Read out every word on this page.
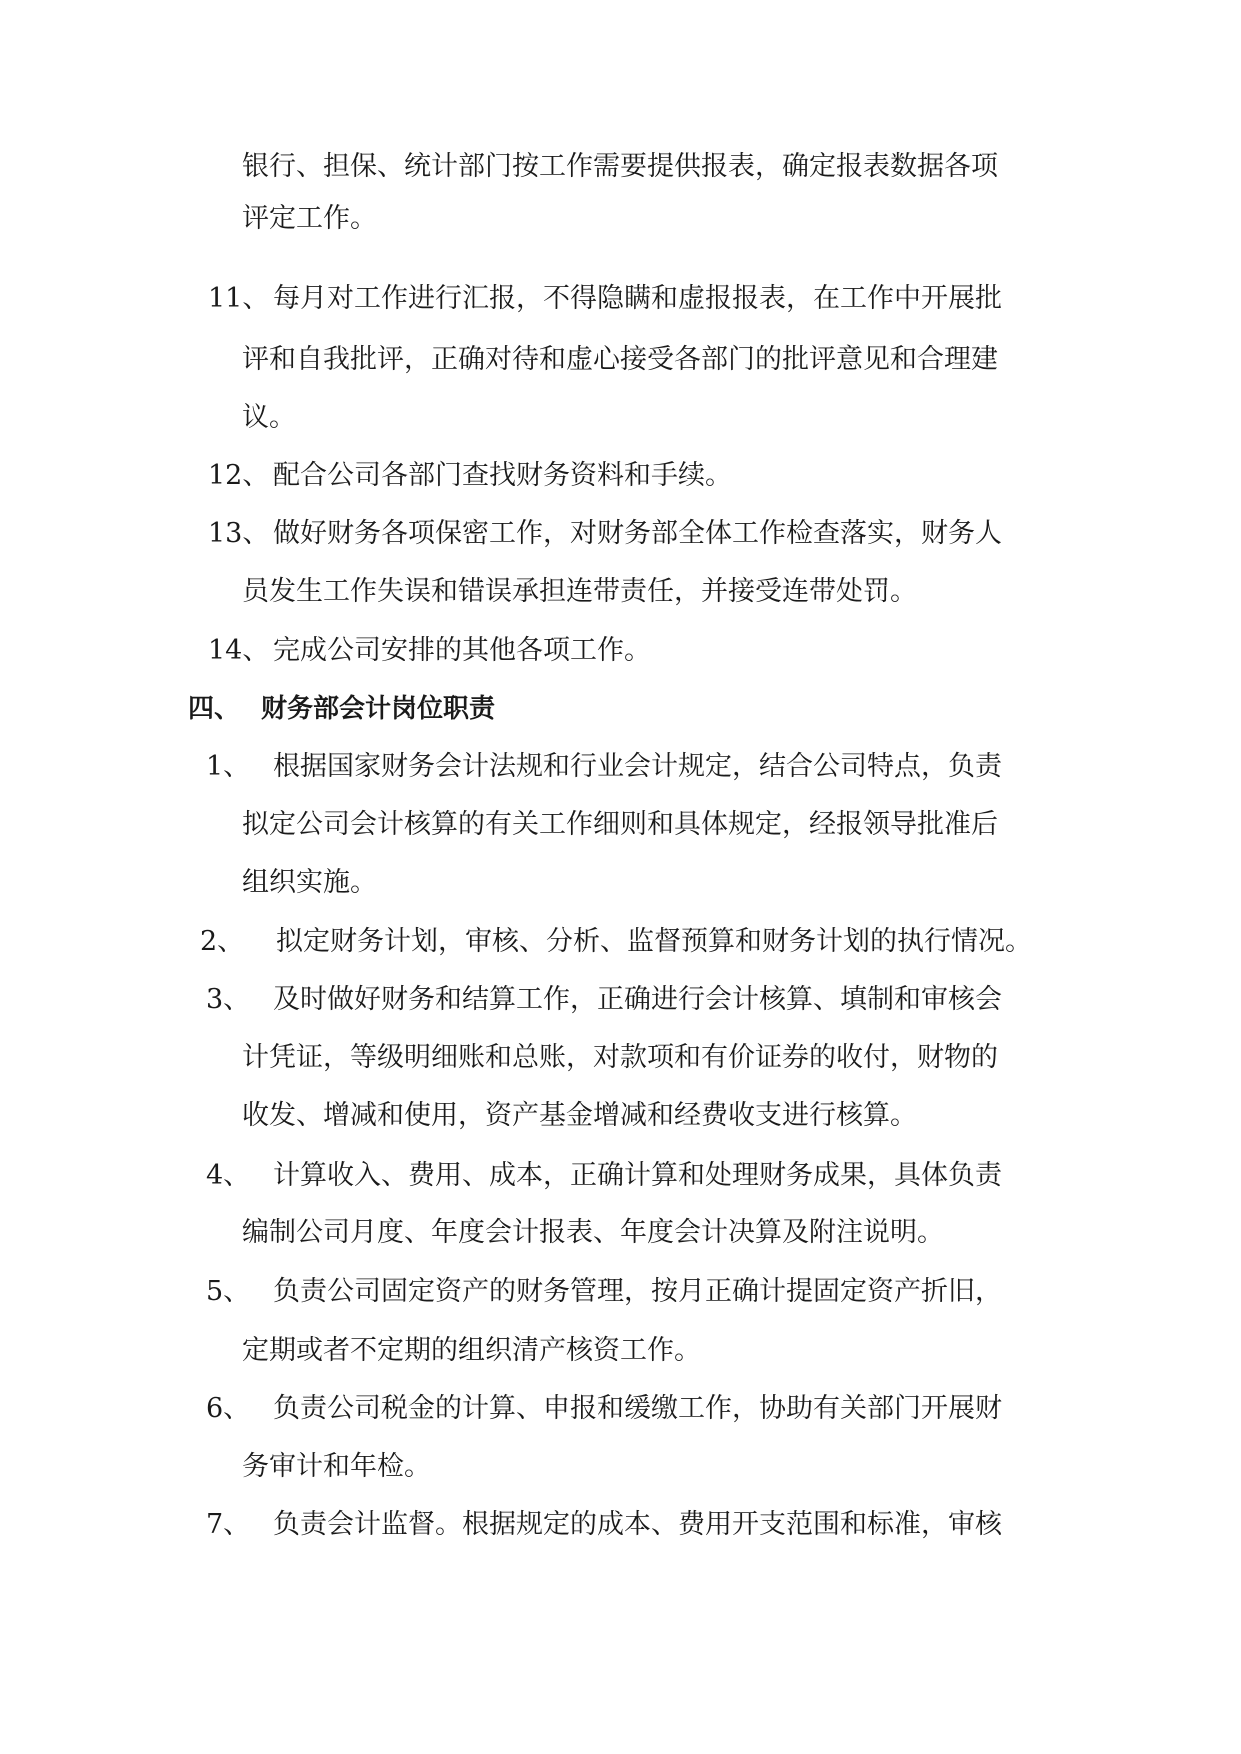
银行、担保、统计部门按工作需要提供报表，确定报表数据各项
评定工作。
11、 每月对工作进行汇报，不得隐瞒和虚报报表，在工作中开展批
评和自我批评，正确对待和虚心接受各部门的批评意见和合理建
议。
12、 配合公司各部门查找财务资料和手续。
13、 做好财务各项保密工作，对财务部全体工作检查落实，财务人
员发生工作失误和错误承担连带责任，并接受连带处罚。
14、 完成公司安排的其他各项工作。
四、 财务部会计岗位职责
1、 根据国家财务会计法规和行业会计规定，结合公司特点，负责
拟定公司会计核算的有关工作细则和具体规定，经报领导批准后
组织实施。
2、 拟定财务计划，审核、分析、监督预算和财务计划的执行情况。
3、 及时做好财务和结算工作，正确进行会计核算、填制和审核会
计凭证，等级明细账和总账，对款项和有价证券的收付，财物的
收发、增减和使用，资产基金增减和经费收支进行核算。
4、 计算收入、费用、成本，正确计算和处理财务成果，具体负责
编制公司月度、年度会计报表、年度会计决算及附注说明。
5、 负责公司固定资产的财务管理，按月正确计提固定资产折旧，
定期或者不定期的组织清产核资工作。
6、 负责公司税金的计算、申报和缓缴工作，协助有关部门开展财
务审计和年检。
7、 负责会计监督。根据规定的成本、费用开支范围和标准，审核
